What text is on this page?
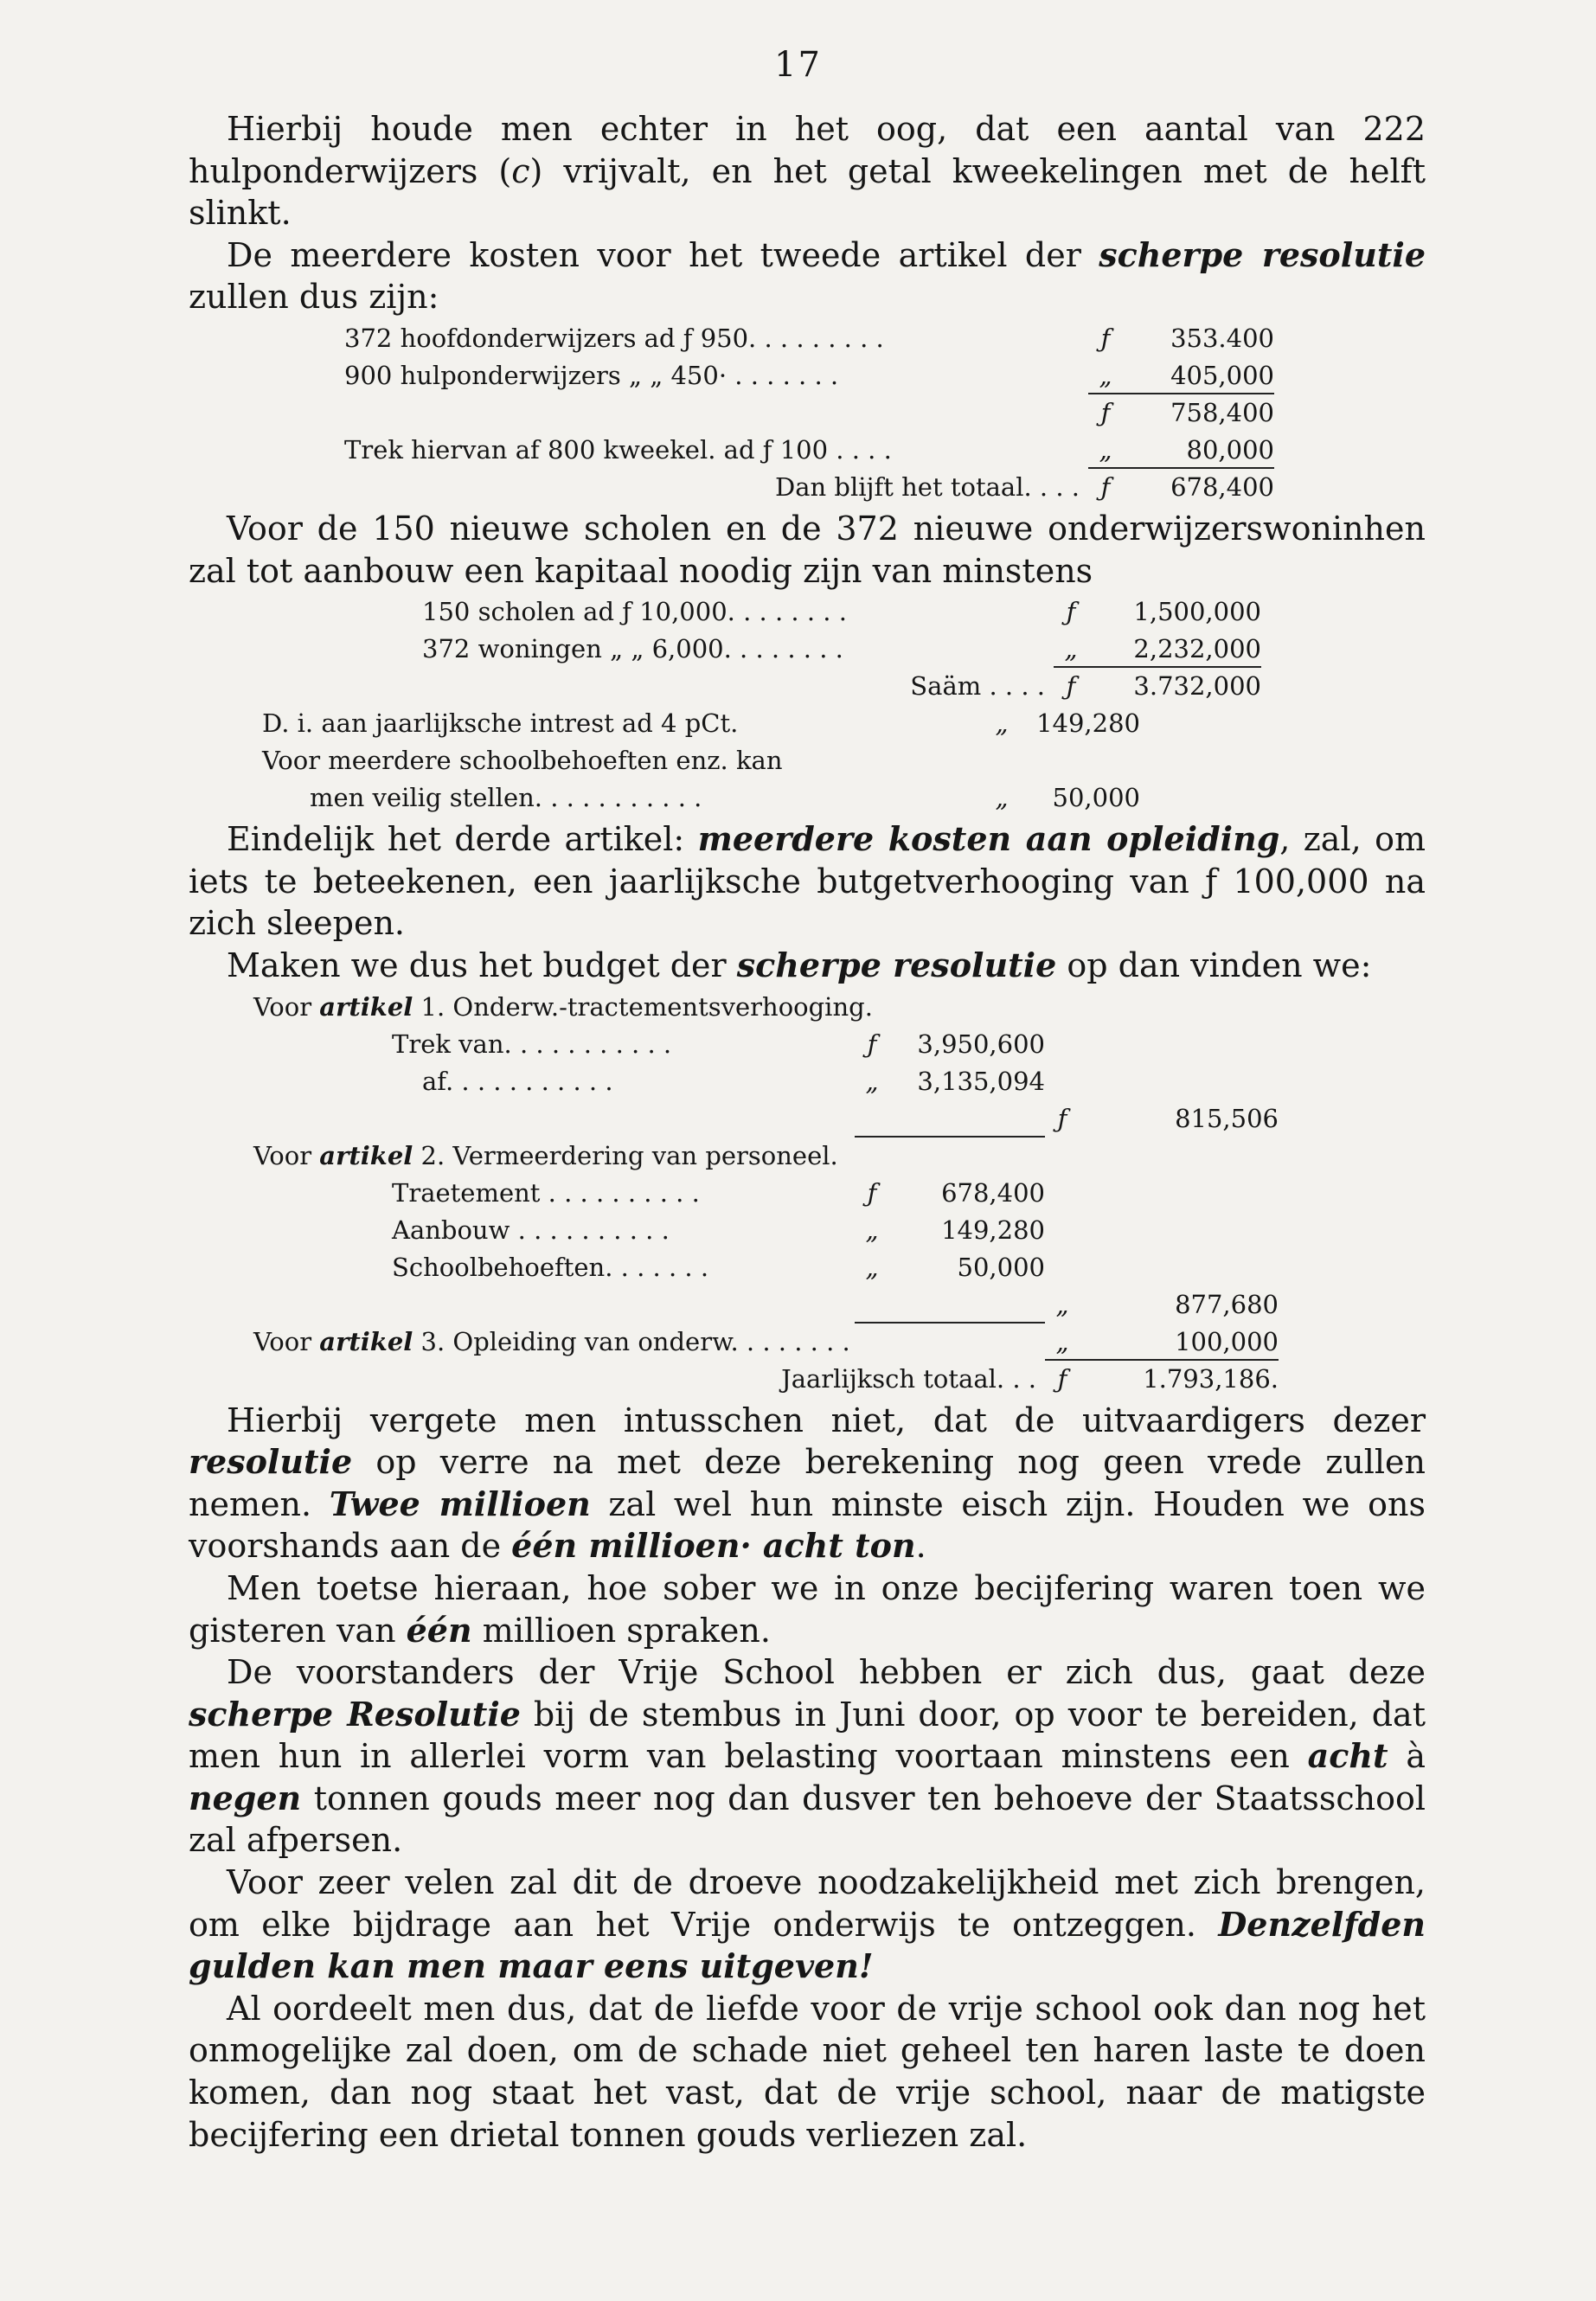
17

Hierbij houde men echter in het oog, dat een aantal van 222 hulponderwijzers (c) vrijvalt, en het getal kweekelingen met de helft slinkt.

De meerdere kosten voor het tweede artikel der scherpe resolutie zullen dus zijn:

372 hoofdonderwijzers ad ƒ 950. . . . . . . . .	ƒ	353.400
900 hulponderwijzers „ „ 450· . . . . . . .	„	405,000
ƒ 758,400
Trek hiervan af 800 kweekel. ad ƒ 100 . . . .	„	80,000
Dan blijft het totaal. . . . ƒ 678,400

Voor de 150 nieuwe scholen en de 372 nieuwe onderwijzerswoninhen zal tot aanbouw een kapitaal noodig zijn van minstens

150 scholen ad ƒ 10,000. . . . . . . .	ƒ	1,500,000
372 woningen „ „ 6,000. . . . . . . .	„	2,232,000
Saäm . . . . ƒ 3.732,000
D. i. aan jaarlijksche intrest ad 4 pCt.	„	149,280
Voor meerdere schoolbehoeften enz. kan
men veilig stellen. . . . . . . . . . .	„	50,000

Eindelijk het derde artikel: meerdere kosten aan opleiding, zal, om iets te beteekenen, een jaarlijksche butgetverhooging van ƒ 100,000 na zich sleepen.

Maken we dus het budget der scherpe resolutie op dan vinden we:

Voor artikel 1. Onderw.-tractementsverhooging.
Trek van. . . . . . . . . . .	ƒ	3,950,600
af. . . . . . . . . . .	„	3,135,094
ƒ	815,506
Voor artikel 2. Vermeerdering van personeel.
Traetement . . . . . . . . . .	ƒ	678,400
Aanbouw . . . . . . . . . .	„	149,280
Schoolbehoeften. . . . . . .	„	50,000
„	877,680
Voor artikel 3. Opleiding van onderw. . . . . . . .	„	100,000
Jaarlijksch totaal. . . ƒ	1.793,186.

Hierbij vergete men intusschen niet, dat de uitvaardigers dezer resolutie op verre na met deze berekening nog geen vrede zullen nemen. Twee millioen zal wel hun minste eisch zijn. Houden we ons voorshands aan de één millioen· acht ton.

Men toetse hieraan, hoe sober we in onze becijfering waren toen we gisteren van één millioen spraken.

De voorstanders der Vrije School hebben er zich dus, gaat deze scherpe Resolutie bij de stembus in Juni door, op voor te bereiden, dat men hun in allerlei vorm van belasting voortaan minstens een acht à negen tonnen gouds meer nog dan dusver ten behoeve der Staatsschool zal afpersen.

Voor zeer velen zal dit de droeve noodzakelijkheid met zich brengen, om elke bijdrage aan het Vrije onderwijs te ontzeggen. Denzelfden gulden kan men maar eens uitgeven!

Al oordeelt men dus, dat de liefde voor de vrije school ook dan nog het onmogelijke zal doen, om de schade niet geheel ten haren laste te doen komen, dan nog staat het vast, dat de vrije school, naar de matigste becijfering een drietal tonnen gouds verliezen zal.
